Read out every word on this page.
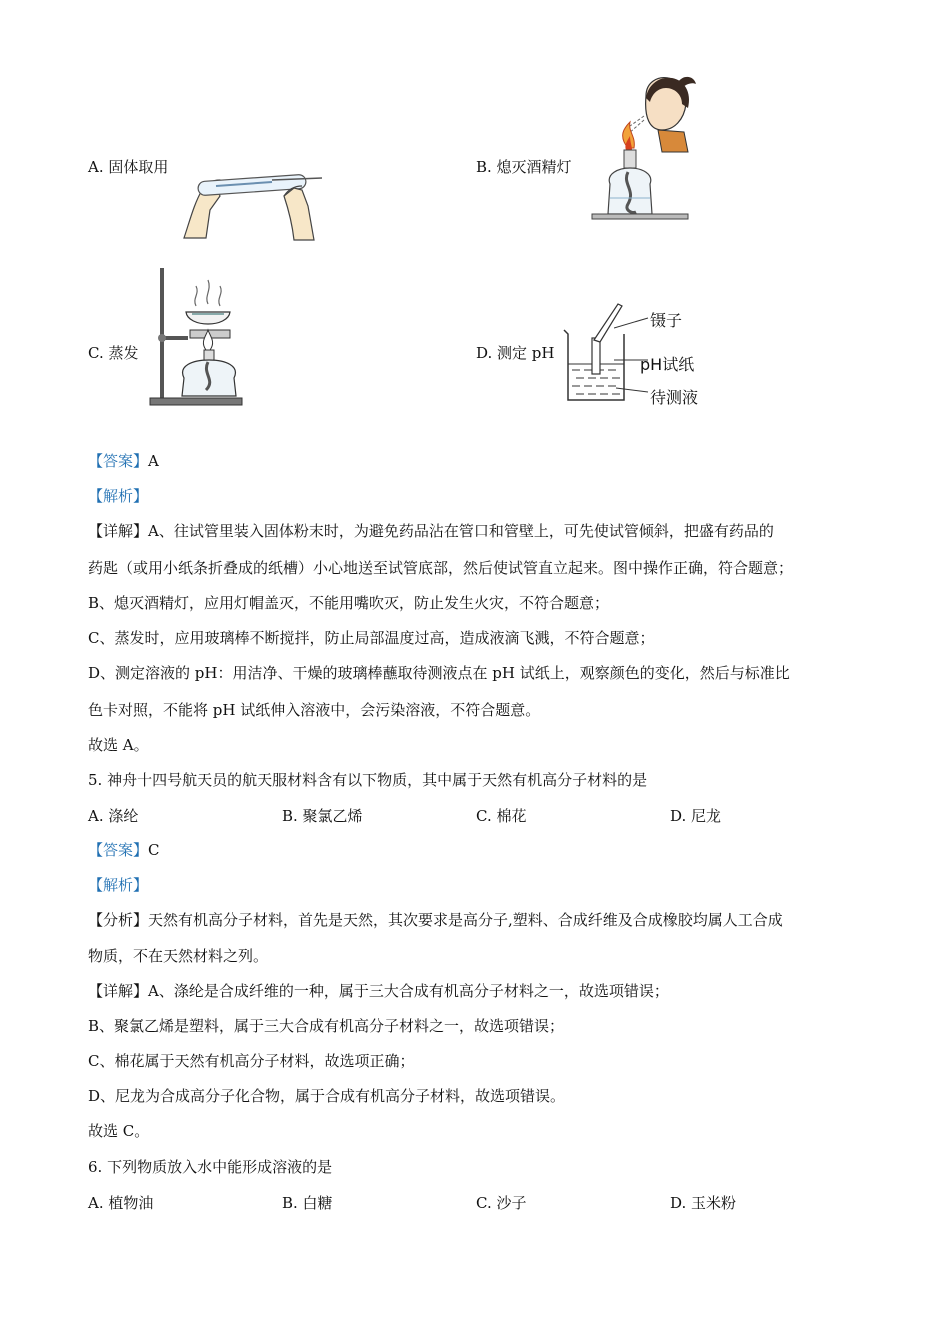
A. 固体取用	B. 熄灭酒精灯
C. 蒸发	D. 测定 pH
镊子
pH试纸
待测液
【答案】A
【解析】
【详解】A、往试管里装入固体粉末时，为避免药品沾在管口和管壁上，可先使试管倾斜，把盛有药品的
药匙（或用小纸条折叠成的纸槽）小心地送至试管底部，然后使试管直立起来。图中操作正确，符合题意；
B、熄灭酒精灯，应用灯帽盖灭，不能用嘴吹灭，防止发生火灾，不符合题意；
C、蒸发时，应用玻璃棒不断搅拌，防止局部温度过高，造成液滴飞溅，不符合题意；
D、测定溶液的 pH：用洁净、干燥的玻璃棒蘸取待测液点在 pH 试纸上，观察颜色的变化，然后与标准比
色卡对照，不能将 pH 试纸伸入溶液中，会污染溶液，不符合题意。
故选 A。
5. 神舟十四号航天员的航天服材料含有以下物质，其中属于天然有机高分子材料的是
A. 涤纶	B. 聚氯乙烯	C. 棉花	D. 尼龙
【答案】C
【解析】
【分析】天然有机高分子材料，首先是天然，其次要求是高分子,塑料、合成纤维及合成橡胶均属人工合成
物质，不在天然材料之列。
【详解】A、涤纶是合成纤维的一种，属于三大合成有机高分子材料之一，故选项错误；
B、聚氯乙烯是塑料，属于三大合成有机高分子材料之一，故选项错误；
C、棉花属于天然有机高分子材料，故选项正确；
D、尼龙为合成高分子化合物，属于合成有机高分子材料，故选项错误。
故选 C。
6. 下列物质放入水中能形成溶液的是
A. 植物油	B. 白糖	C. 沙子	D. 玉米粉
